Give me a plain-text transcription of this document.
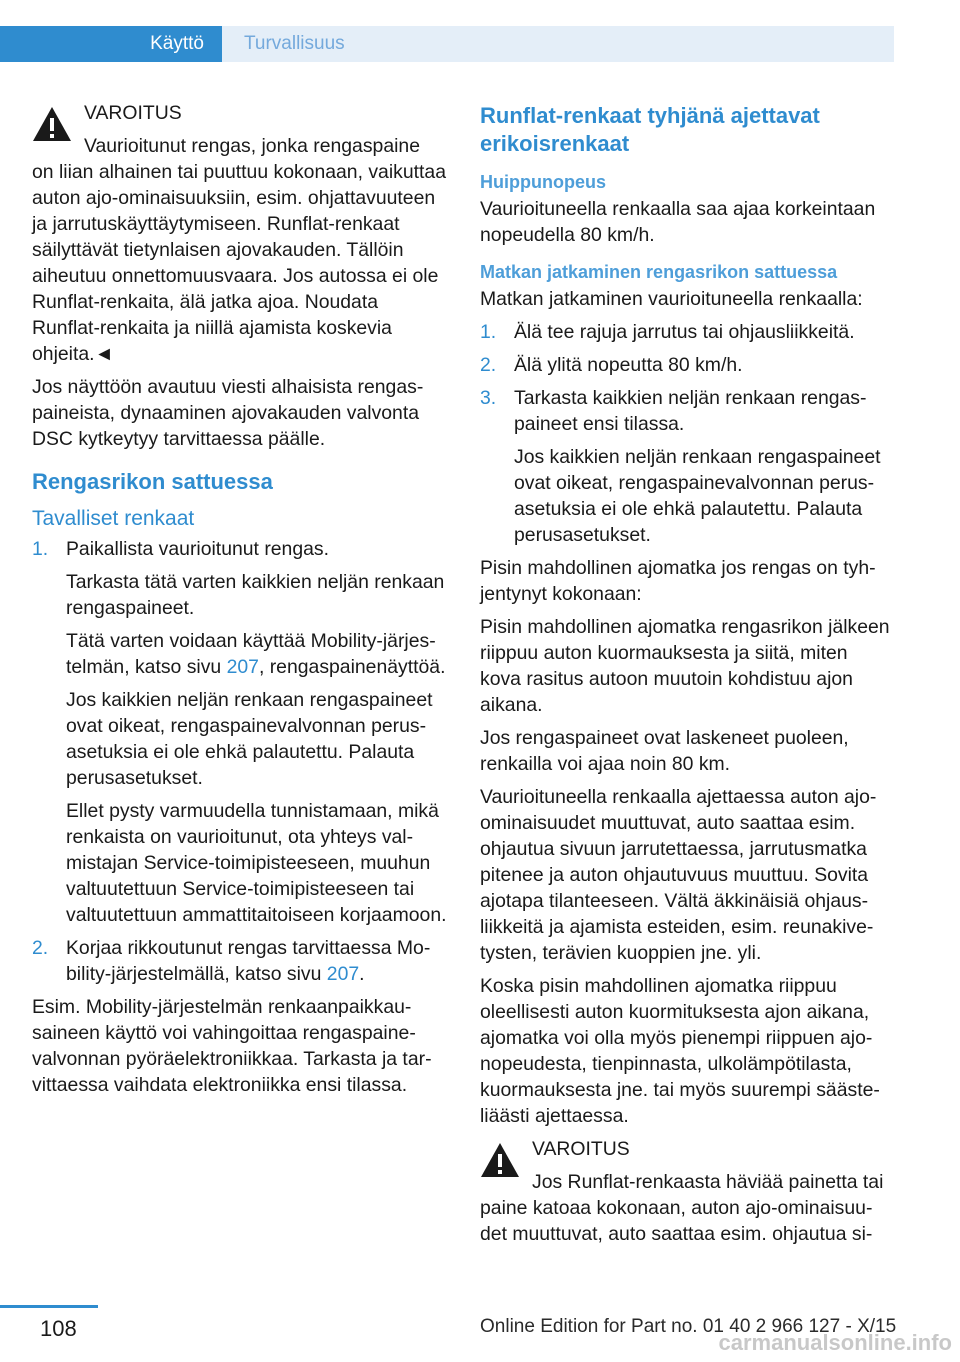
Käyttö	Turvallisuus

VAROITUS

Vaurioitunut rengas, jonka rengaspaine

on liian alhainen tai puuttuu kokonaan, vaikuttaa auton ajo-ominaisuuksiin, esim. ohjattavuuteen ja jarrutuskäyttäytymiseen. Runflat-renkaat säilyttävät tietynlaisen ajovakauden. Tällöin aiheutuu onnettomuusvaara. Jos autossa ei ole Runflat-renkaita, älä jatka ajoa. Noudata Runflat-renkaita ja niillä ajamista koskevia ohjeita.◄

Jos näyttöön avautuu viesti alhaisista rengaspaineista, dynaaminen ajovakauden valvonta DSC kytkeytyy tarvittaessa päälle.

Rengasrikon sattuessa
Tavalliset renkaat
1. Paikallista vaurioitunut rengas.

Tarkasta tätä varten kaikkien neljän renkaan rengaspaineet.

Tätä varten voidaan käyttää Mobility-järjestelmän, katso sivu 207, rengaspainenäyttöä.

Jos kaikkien neljän renkaan rengaspaineet ovat oikeat, rengaspainevalvonnan perusasetuksia ei ole ehkä palautettu. Palauta perusasetukset.

Ellet pysty varmuudella tunnistamaan, mikä renkaista on vaurioitunut, ota yhteys valmistajan Service-toimipisteeseen, muuhun valtuutettuun Service-toimipisteeseen tai valtuutettuun ammattitaitoiseen korjaamoon.

2. Korjaa rikkoutunut rengas tarvittaessa Mobility-järjestelmällä, katso sivu 207.

Esim. Mobility-järjestelmän renkaanpaikkausaineen käyttö voi vahingoittaa rengaspainevalvonnan pyöräelektroniikkaa. Tarkasta ja tarvittaessa vaihdata elektroniikka ensi tilassa.

Runflat-renkaat tyhjänä ajettavat erikoisrenkaat
Huippunopeus

Vaurioituneella renkaalla saa ajaa korkeintaan nopeudella 80 km/h.

Matkan jatkaminen rengasrikon sattuessa

Matkan jatkaminen vaurioituneella renkaalla:

1. Älä tee rajuja jarrutus tai ohjausliikkeitä.

2. Älä ylitä nopeutta 80 km/h.

3. Tarkasta kaikkien neljän renkaan rengaspaineet ensi tilassa.

Jos kaikkien neljän renkaan rengaspaineet ovat oikeat, rengaspainevalvonnan perusasetuksia ei ole ehkä palautettu. Palauta perusasetukset.

Pisin mahdollinen ajomatka jos rengas on tyhjentynyt kokonaan:

Pisin mahdollinen ajomatka rengasrikon jälkeen riippuu auton kuormauksesta ja siitä, miten kova rasitus autoon muutoin kohdistuu ajon aikana.

Jos rengaspaineet ovat laskeneet puoleen, renkailla voi ajaa noin 80 km.

Vaurioituneella renkaalla ajettaessa auton ajoominaisuudet muuttuvat, auto saattaa esim. ohjautua sivuun jarrutettaessa, jarrutusmatka pitenee ja auton ohjautuvuus muuttuu. Sovita ajotapa tilanteeseen. Vältä äkkinäisiä ohjausliikkeitä ja ajamista esteiden, esim. reunakivetysten, terävien kuoppien jne. yli.

Koska pisin mahdollinen ajomatka riippuu oleellisesti auton kuormituksesta ajon aikana, ajomatka voi olla myös pienempi riippuen ajonopeudesta, tienpinnasta, ulkolämpötilasta, kuormauksesta jne. tai myös suurempi säästeliäästi ajettaessa.

VAROITUS

Jos Runflat-renkaasta häviää painetta tai

paine katoaa kokonaan, auton ajo-ominaisuudet muuttuvat, auto saattaa esim. ohjautua si-

108	Online Edition for Part no. 01 40 2 966 127 - X/15
carmanualsonline.info
